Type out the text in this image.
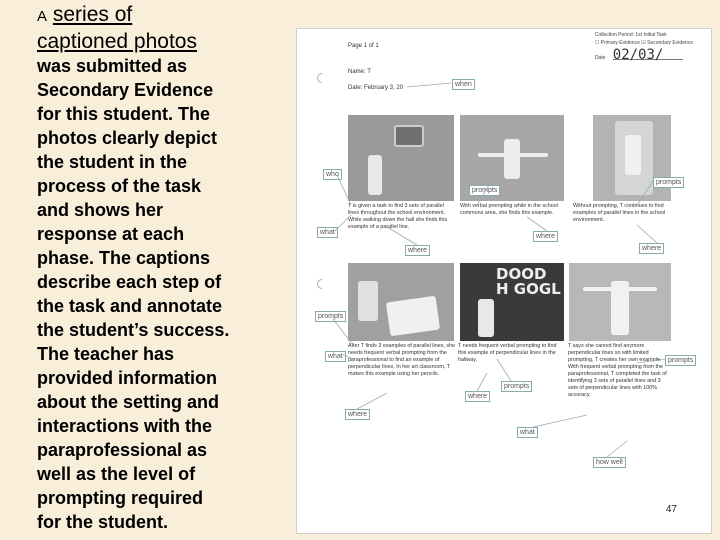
A series of
captioned photos
was submitted as
Secondary Evidence
for this student. The
photos clearly depict
the student in the
process of the task
and shows her
response at each
phase. The captions
describe each step of
the task and annotate
the student’s success.
The teacher has
provided information
about the setting and
interactions with the
paraprofessional as
well as the level of
prompting required
for the student.
Page 1 of 1
Name: T
Date: February 3, 20
Collection Period: 1st Initial Task
☐ Primary Evidence ☑ Secondary Evidence
Date 02/03/
T is given a task to find 3 sets of parallel lines throughout the school environment. While walking down the hall she finds this example of a parallel line.
With verbal prompting while in the school commons area, she finds this example.
Without prompting, T continues to find examples of parallel lines in the school environment.
DOOD
H GOGL
After T finds 3 examples of parallel lines, she needs frequent verbal prompting from the paraprofessional to find an example of perpendicular lines. In her art classroom, T makes this example using her pencils.
T needs frequent verbal prompting to find this example of perpendicular lines in the hallway.
T says she cannot find anymore perpendicular lines so with limited prompting, T creates her own example. With frequent verbal prompting from the paraprofessional, T completed the task of identifying 3 sets of parallel lines and 3 sets of perpendicular lines with 100% accuracy.
when
who
what
prompts
where
prompts
where
where
prompts
what
prompts
where
where
what
how well
prompts
47
